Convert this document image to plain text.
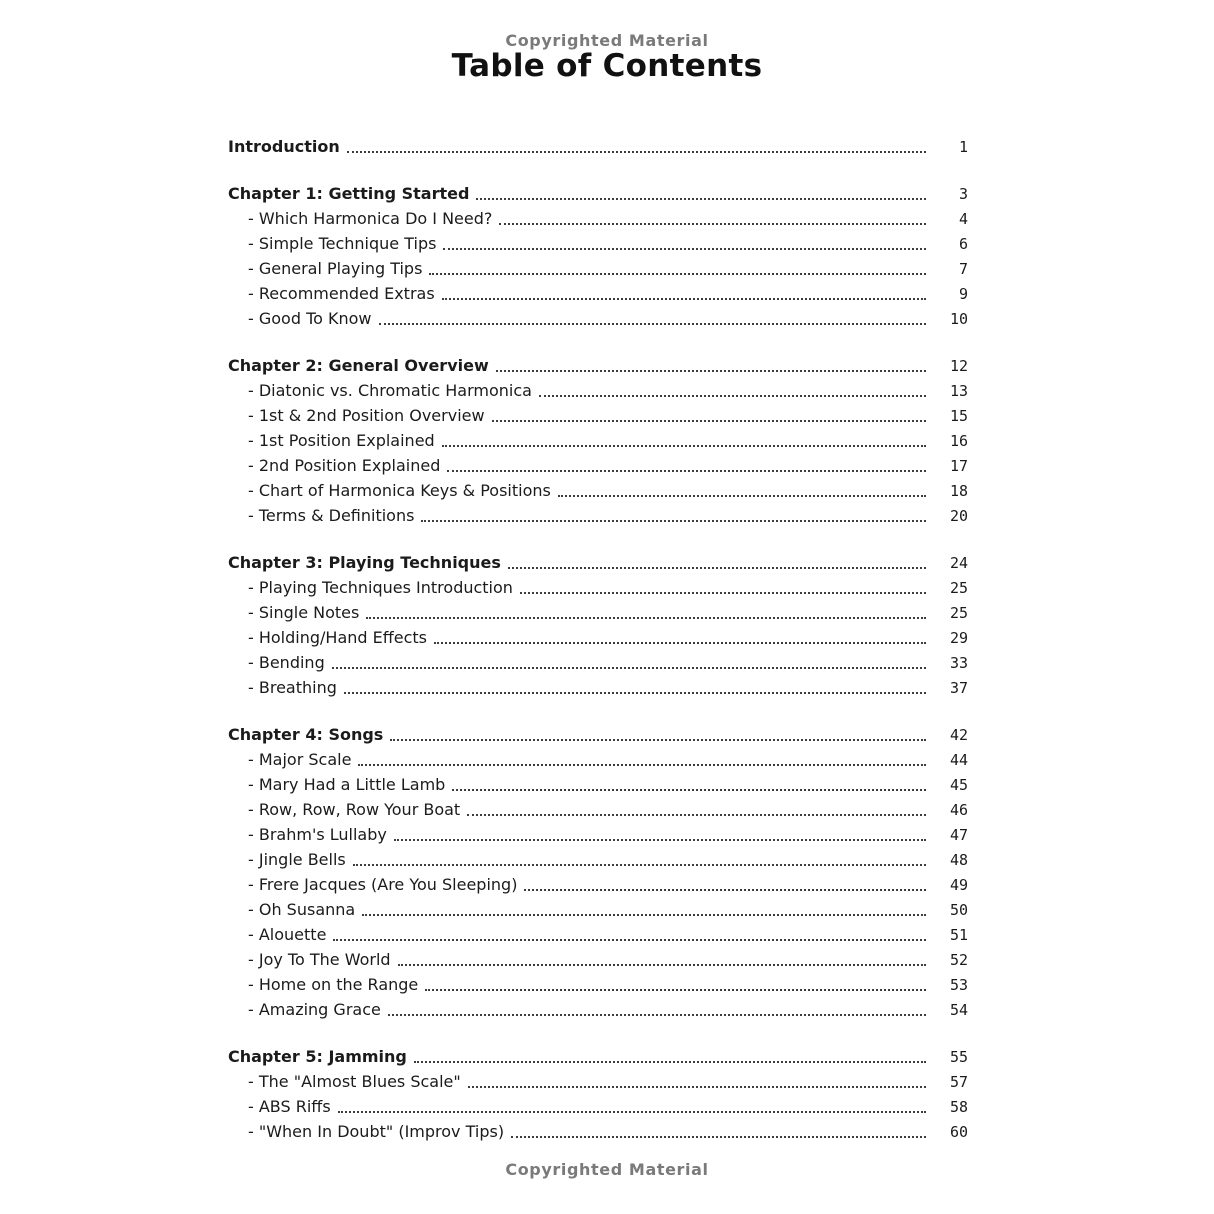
Copyrighted Material
Table of Contents
Introduction	1
Chapter 1: Getting Started	3
- Which Harmonica Do I Need?	4
- Simple Technique Tips	6
- General Playing Tips	7
- Recommended Extras	9
- Good To Know	10
Chapter 2: General Overview	12
- Diatonic vs. Chromatic Harmonica	13
- 1st & 2nd Position Overview	15
- 1st Position Explained	16
- 2nd Position Explained	17
- Chart of Harmonica Keys & Positions	18
- Terms & Definitions	20
Chapter 3: Playing Techniques	24
- Playing Techniques Introduction	25
- Single Notes	25
- Holding/Hand Effects	29
- Bending	33
- Breathing	37
Chapter 4: Songs	42
- Major Scale	44
- Mary Had a Little Lamb	45
- Row, Row, Row Your Boat	46
- Brahm's Lullaby	47
- Jingle Bells	48
- Frere Jacques (Are You Sleeping)	49
- Oh Susanna	50
- Alouette	51
- Joy To The World	52
- Home on the Range	53
- Amazing Grace	54
Chapter 5: Jamming	55
- The "Almost Blues Scale"	57
- ABS Riffs	58
- "When In Doubt" (Improv Tips)	60
Copyrighted Material
